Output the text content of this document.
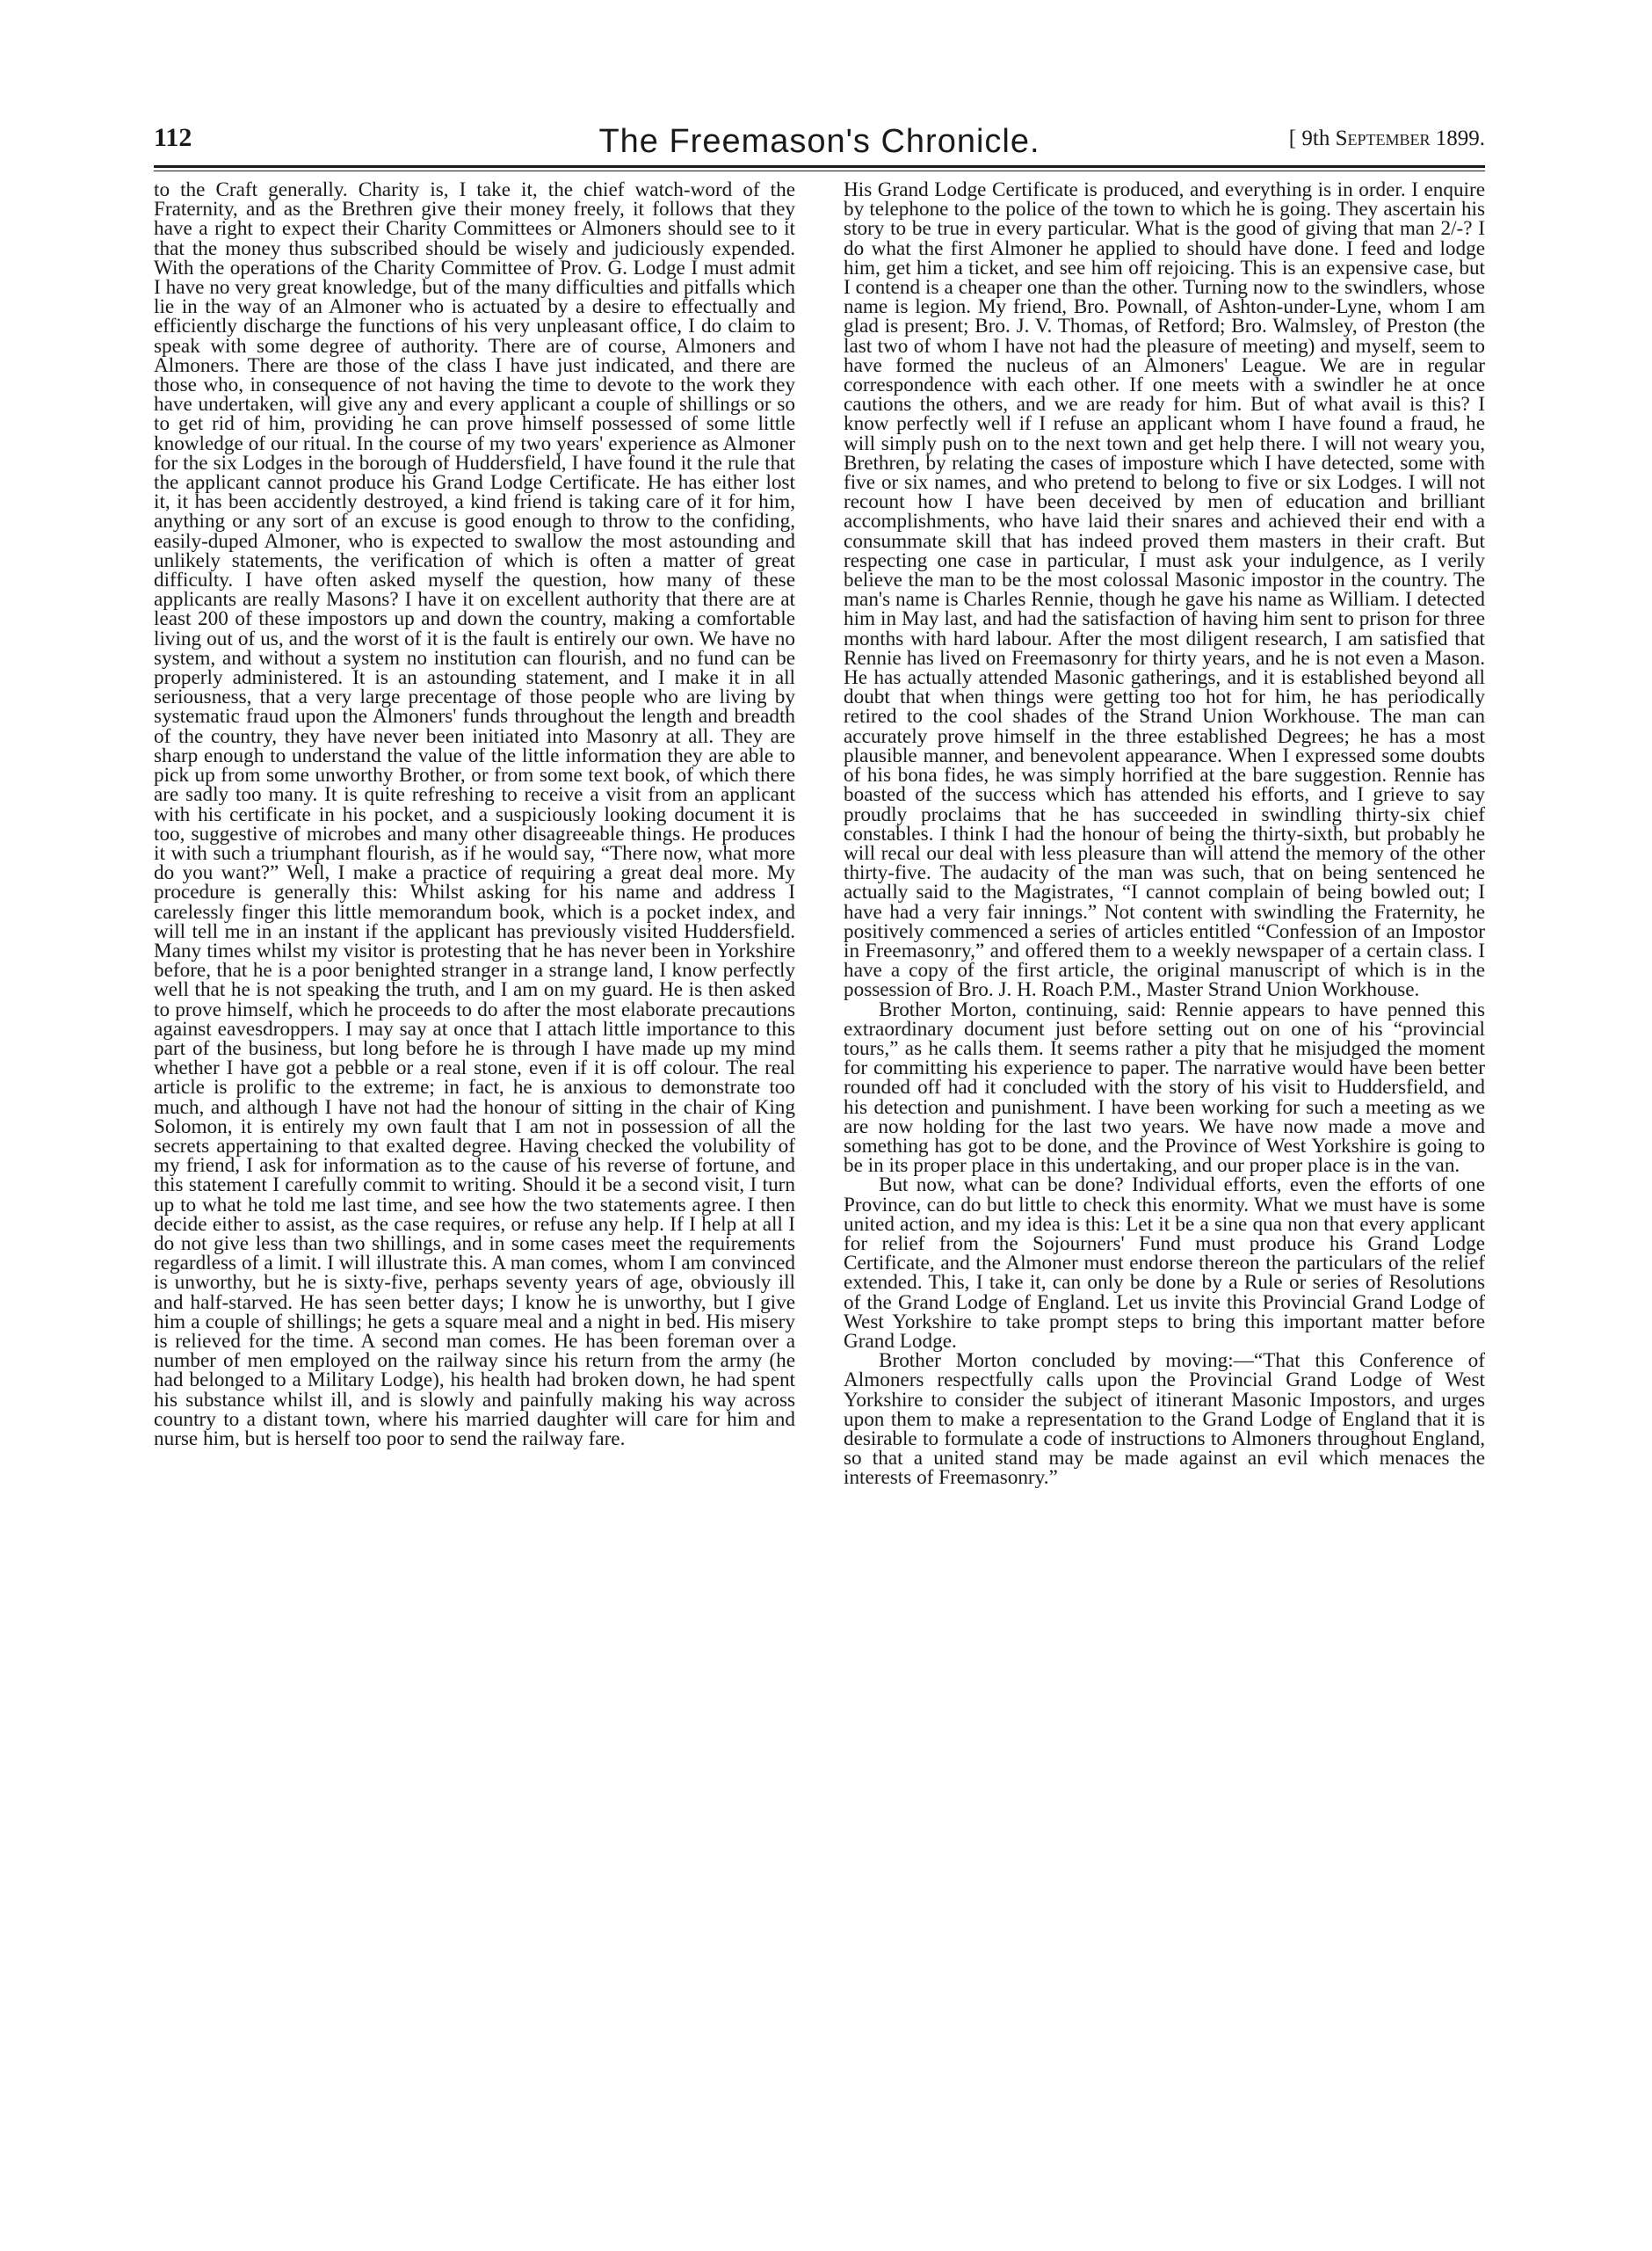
112	The Freemason's Chronicle.	[ 9th September 1899.

to the Craft generally. Charity is, I take it, the chief watch-word of the Fraternity, and as the Brethren give their money freely, it follows that they have a right to expect their Charity Committees or Almoners should see to it that the money thus subscribed should be wisely and judiciously expended. With the operations of the Charity Committee of Prov. G. Lodge I must admit I have no very great knowledge, but of the many difficulties and pitfalls which lie in the way of an Almoner who is actuated by a desire to effectually and efficiently discharge the functions of his very unpleasant office, I do claim to speak with some degree of authority. There are of course, Almoners and Almoners. There are those of the class I have just indicated, and there are those who, in consequence of not having the time to devote to the work they have undertaken, will give any and every applicant a couple of shillings or so to get rid of him, providing he can prove himself possessed of some little knowledge of our ritual. In the course of my two years' experience as Almoner for the six Lodges in the borough of Huddersfield, I have found it the rule that the applicant cannot produce his Grand Lodge Certificate. He has either lost it, it has been accidently destroyed, a kind friend is taking care of it for him, anything or any sort of an excuse is good enough to throw to the confiding, easily-duped Almoner, who is expected to swallow the most astounding and unlikely statements, the verification of which is often a matter of great difficulty. I have often asked myself the question, how many of these applicants are really Masons? I have it on excellent authority that there are at least 200 of these impostors up and down the country, making a comfortable living out of us, and the worst of it is the fault is entirely our own. We have no system, and without a system no institution can flourish, and no fund can be properly administered. It is an astounding statement, and I make it in all seriousness, that a very large precentage of those people who are living by systematic fraud upon the Almoners' funds throughout the length and breadth of the country, they have never been initiated into Masonry at all. They are sharp enough to understand the value of the little information they are able to pick up from some unworthy Brother, or from some text book, of which there are sadly too many. It is quite refreshing to receive a visit from an applicant with his certificate in his pocket, and a suspiciously looking document it is too, suggestive of microbes and many other disagreeable things. He produces it with such a triumphant flourish, as if he would say, “There now, what more do you want?” Well, I make a practice of requiring a great deal more. My procedure is generally this: Whilst asking for his name and address I carelessly finger this little memorandum book, which is a pocket index, and will tell me in an instant if the applicant has previously visited Huddersfield. Many times whilst my visitor is protesting that he has never been in Yorkshire before, that he is a poor benighted stranger in a strange land, I know perfectly well that he is not speaking the truth, and I am on my guard. He is then asked to prove himself, which he proceeds to do after the most elaborate precautions against eavesdroppers. I may say at once that I attach little importance to this part of the business, but long before he is through I have made up my mind whether I have got a pebble or a real stone, even if it is off colour. The real article is prolific to the extreme; in fact, he is anxious to demonstrate too much, and although I have not had the honour of sitting in the chair of King Solomon, it is entirely my own fault that I am not in possession of all the secrets appertaining to that exalted degree. Having checked the volubility of my friend, I ask for information as to the cause of his reverse of fortune, and this statement I carefully commit to writing. Should it be a second visit, I turn up to what he told me last time, and see how the two statements agree. I then decide either to assist, as the case requires, or refuse any help. If I help at all I do not give less than two shillings, and in some cases meet the requirements regardless of a limit. I will illustrate this. A man comes, whom I am convinced is unworthy, but he is sixty-five, perhaps seventy years of age, obviously ill and half-starved. He has seen better days; I know he is unworthy, but I give him a couple of shillings; he gets a square meal and a night in bed. His misery is relieved for the time. A second man comes. He has been foreman over a number of men employed on the railway since his return from the army (he had belonged to a Military Lodge), his health had broken down, he had spent his substance whilst ill, and is slowly and painfully making his way across country to a distant town, where his married daughter will care for him and nurse him, but is herself too poor to send the railway fare.

His Grand Lodge Certificate is produced, and everything is in order. I enquire by telephone to the police of the town to which he is going. They ascertain his story to be true in every particular. What is the good of giving that man 2/-? I do what the first Almoner he applied to should have done. I feed and lodge him, get him a ticket, and see him off rejoicing. This is an expensive case, but I contend is a cheaper one than the other. Turning now to the swindlers, whose name is legion. My friend, Bro. Pownall, of Ashton-under-Lyne, whom I am glad is present; Bro. J. V. Thomas, of Retford; Bro. Walmsley, of Preston (the last two of whom I have not had the pleasure of meeting) and myself, seem to have formed the nucleus of an Almoners' League. We are in regular correspondence with each other. If one meets with a swindler he at once cautions the others, and we are ready for him. But of what avail is this? I know perfectly well if I refuse an applicant whom I have found a fraud, he will simply push on to the next town and get help there. I will not weary you, Brethren, by relating the cases of imposture which I have detected, some with five or six names, and who pretend to belong to five or six Lodges. I will not recount how I have been deceived by men of education and brilliant accomplishments, who have laid their snares and achieved their end with a consummate skill that has indeed proved them masters in their craft. But respecting one case in particular, I must ask your indulgence, as I verily believe the man to be the most colossal Masonic impostor in the country. The man's name is Charles Rennie, though he gave his name as William. I detected him in May last, and had the satisfaction of having him sent to prison for three months with hard labour. After the most diligent research, I am satisfied that Rennie has lived on Freemasonry for thirty years, and he is not even a Mason. He has actually attended Masonic gatherings, and it is established beyond all doubt that when things were getting too hot for him, he has periodically retired to the cool shades of the Strand Union Workhouse. The man can accurately prove himself in the three established Degrees; he has a most plausible manner, and benevolent appearance. When I expressed some doubts of his bona fides, he was simply horrified at the bare suggestion. Rennie has boasted of the success which has attended his efforts, and I grieve to say proudly proclaims that he has succeeded in swindling thirty-six chief constables. I think I had the honour of being the thirty-sixth, but probably he will recal our deal with less pleasure than will attend the memory of the other thirty-five. The audacity of the man was such, that on being sentenced he actually said to the Magistrates, “I cannot complain of being bowled out; I have had a very fair innings.” Not content with swindling the Fraternity, he positively commenced a series of articles entitled “Confession of an Impostor in Freemasonry,” and offered them to a weekly newspaper of a certain class. I have a copy of the first article, the original manuscript of which is in the possession of Bro. J. H. Roach P.M., Master Strand Union Workhouse.

Brother Morton, continuing, said: Rennie appears to have penned this extraordinary document just before setting out on one of his “provincial tours,” as he calls them. It seems rather a pity that he misjudged the moment for committing his experience to paper. The narrative would have been better rounded off had it concluded with the story of his visit to Huddersfield, and his detection and punishment. I have been working for such a meeting as we are now holding for the last two years. We have now made a move and something has got to be done, and the Province of West Yorkshire is going to be in its proper place in this undertaking, and our proper place is in the van.

But now, what can be done? Individual efforts, even the efforts of one Province, can do but little to check this enormity. What we must have is some united action, and my idea is this: Let it be a sine qua non that every applicant for relief from the Sojourners' Fund must produce his Grand Lodge Certificate, and the Almoner must endorse thereon the particulars of the relief extended. This, I take it, can only be done by a Rule or series of Resolutions of the Grand Lodge of England. Let us invite this Provincial Grand Lodge of West Yorkshire to take prompt steps to bring this important matter before Grand Lodge.

Brother Morton concluded by moving:—“That this Conference of Almoners respectfully calls upon the Provincial Grand Lodge of West Yorkshire to consider the subject of itinerant Masonic Impostors, and urges upon them to make a representation to the Grand Lodge of England that it is desirable to formulate a code of instructions to Almoners throughout England, so that a united stand may be made against an evil which menaces the interests of Freemasonry.”
